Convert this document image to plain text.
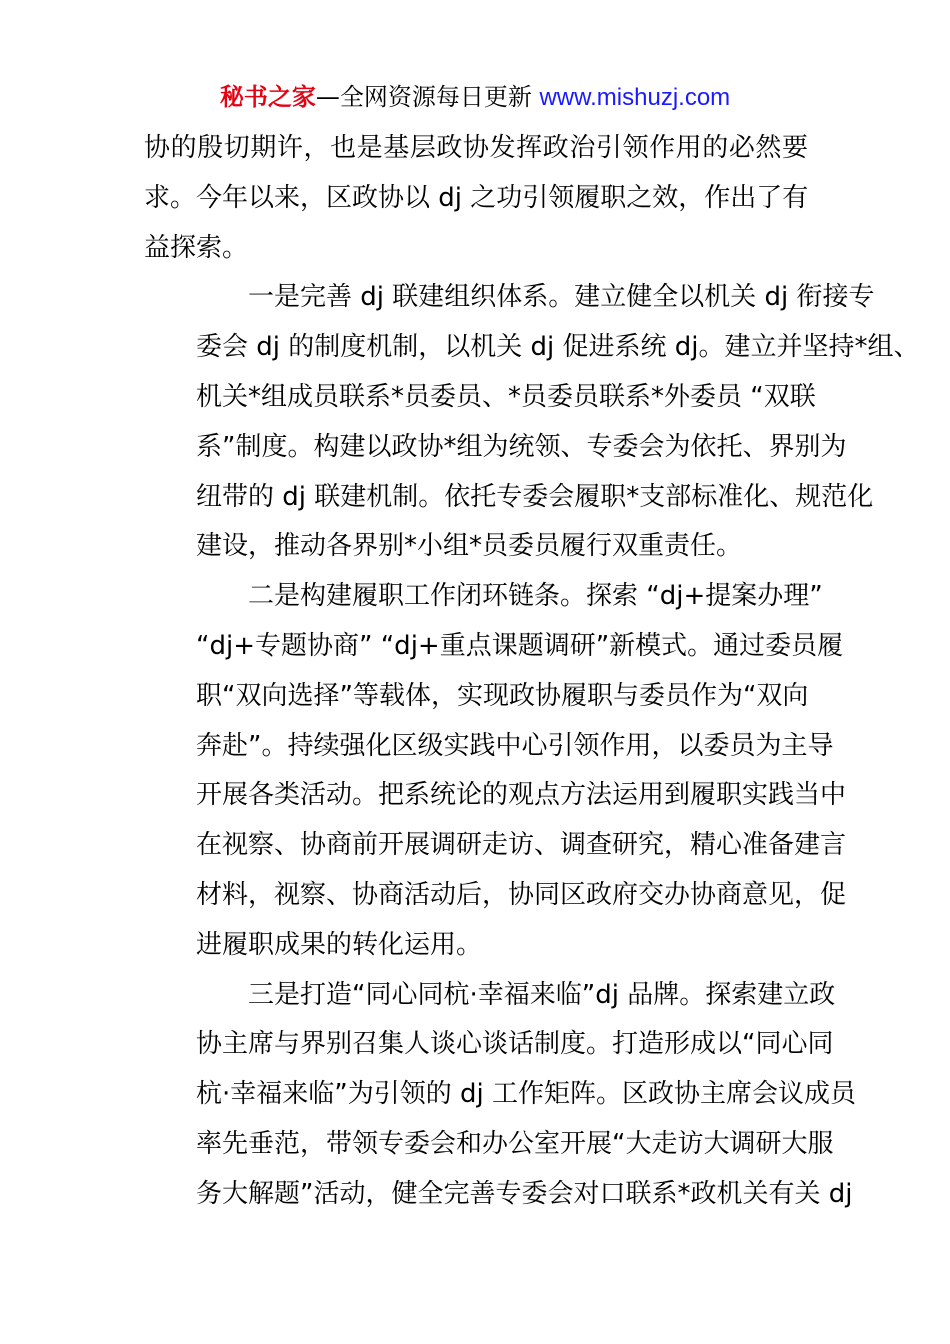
秘书之家—全网资源每日更新 www.mishuzj.com
协的殷切期许，也是基层政协发挥政治引领作用的必然要
求。今年以来，区政协以 dj 之功引领履职之效，作出了有
益探索。
一是完善 dj 联建组织体系。建立健全以机关 dj 衔接专
委会 dj 的制度机制，以机关 dj 促进系统 dj。建立并坚持*组、
机关*组成员联系*员委员、*员委员联系*外委员 “双联
系”制度。构建以政协*组为统领、专委会为依托、界别为
纽带的 dj 联建机制。依托专委会履职*支部标准化、规范化
建设，推动各界别*小组*员委员履行双重责任。
二是构建履职工作闭环链条。探索 “dj+提案办理”
“dj+专题协商” “dj+重点课题调研”新模式。通过委员履
职“双向选择”等载体，实现政协履职与委员作为“双向
奔赴”。持续强化区级实践中心引领作用，以委员为主导
开展各类活动。把系统论的观点方法运用到履职实践当中
在视察、协商前开展调研走访、调查研究，精心准备建言
材料，视察、协商活动后，协同区政府交办协商意见，促
进履职成果的转化运用。
三是打造“同心同杭·幸福来临”dj 品牌。探索建立政
协主席与界别召集人谈心谈话制度。打造形成以“同心同
杭·幸福来临”为引领的 dj 工作矩阵。区政协主席会议成员
率先垂范，带领专委会和办公室开展“大走访大调研大服
务大解题”活动，健全完善专委会对口联系*政机关有关 dj
